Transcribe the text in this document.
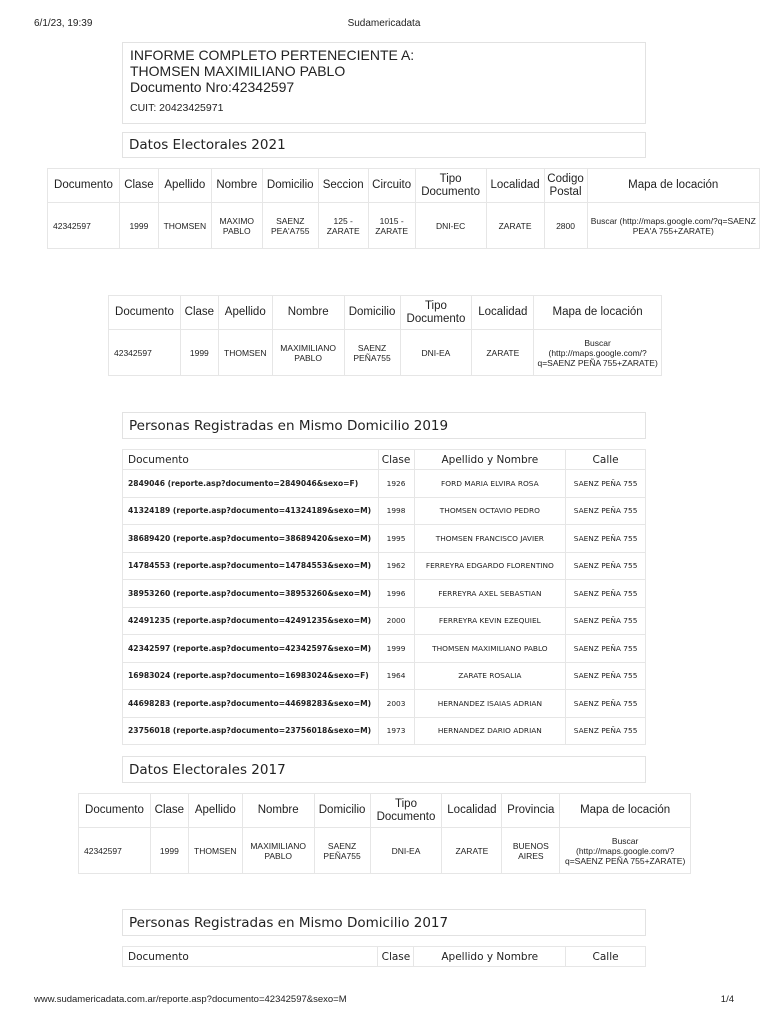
6/1/23, 19:39	Sudamericadata
INFORME COMPLETO PERTENECIENTE A:
THOMSEN MAXIMILIANO PABLO
Documento Nro:42342597
CUIT: 20423425971
Datos Electorales 2021
Documento	Clase	Apellido	Nombre	Domicilio	Seccion	Circuito	Tipo Documento	Localidad	Codigo Postal	Mapa de locación
42342597	1999	THOMSEN	MAXIMO PABLO	SAENZ PEA'A755	125 - ZARATE	1015 - ZARATE	DNI-EC	ZARATE	2800	Buscar (http://maps.google.com/?q=SAENZ PEA'A 755+ZARATE)
Documento	Clase	Apellido	Nombre	Domicilio	Tipo Documento	Localidad	Mapa de locación
42342597	1999	THOMSEN	MAXIMILIANO PABLO	SAENZ PEÑA755	DNI-EA	ZARATE	Buscar (http://maps.google.com/?q=SAENZ PEÑA 755+ZARATE)
Personas Registradas en Mismo Domicilio 2019
Documento	Clase	Apellido y Nombre	Calle
2849046 (reporte.asp?documento=2849046&sexo=F)	1926	FORD MARIA ELVIRA ROSA	SAENZ PEÑA 755
41324189 (reporte.asp?documento=41324189&sexo=M)	1998	THOMSEN OCTAVIO PEDRO	SAENZ PEÑA 755
38689420 (reporte.asp?documento=38689420&sexo=M)	1995	THOMSEN FRANCISCO JAVIER	SAENZ PEÑA 755
14784553 (reporte.asp?documento=14784553&sexo=M)	1962	FERREYRA EDGARDO FLORENTINO	SAENZ PEÑA 755
38953260 (reporte.asp?documento=38953260&sexo=M)	1996	FERREYRA AXEL SEBASTIAN	SAENZ PEÑA 755
42491235 (reporte.asp?documento=42491235&sexo=M)	2000	FERREYRA KEVIN EZEQUIEL	SAENZ PEÑA 755
42342597 (reporte.asp?documento=42342597&sexo=M)	1999	THOMSEN MAXIMILIANO PABLO	SAENZ PEÑA 755
16983024 (reporte.asp?documento=16983024&sexo=F)	1964	ZARATE ROSALIA	SAENZ PEÑA 755
44698283 (reporte.asp?documento=44698283&sexo=M)	2003	HERNANDEZ ISAIAS ADRIAN	SAENZ PEÑA 755
23756018 (reporte.asp?documento=23756018&sexo=M)	1973	HERNANDEZ DARIO ADRIAN	SAENZ PEÑA 755
Datos Electorales 2017
Documento	Clase	Apellido	Nombre	Domicilio	Tipo Documento	Localidad	Provincia	Mapa de locación
42342597	1999	THOMSEN	MAXIMILIANO PABLO	SAENZ PEÑA755	DNI-EA	ZARATE	BUENOS AIRES	Buscar (http://maps.google.com/?q=SAENZ PEÑA 755+ZARATE)
Personas Registradas en Mismo Domicilio 2017
Documento	Clase	Apellido y Nombre	Calle
www.sudamericadata.com.ar/reporte.asp?documento=42342597&sexo=M	1/4
